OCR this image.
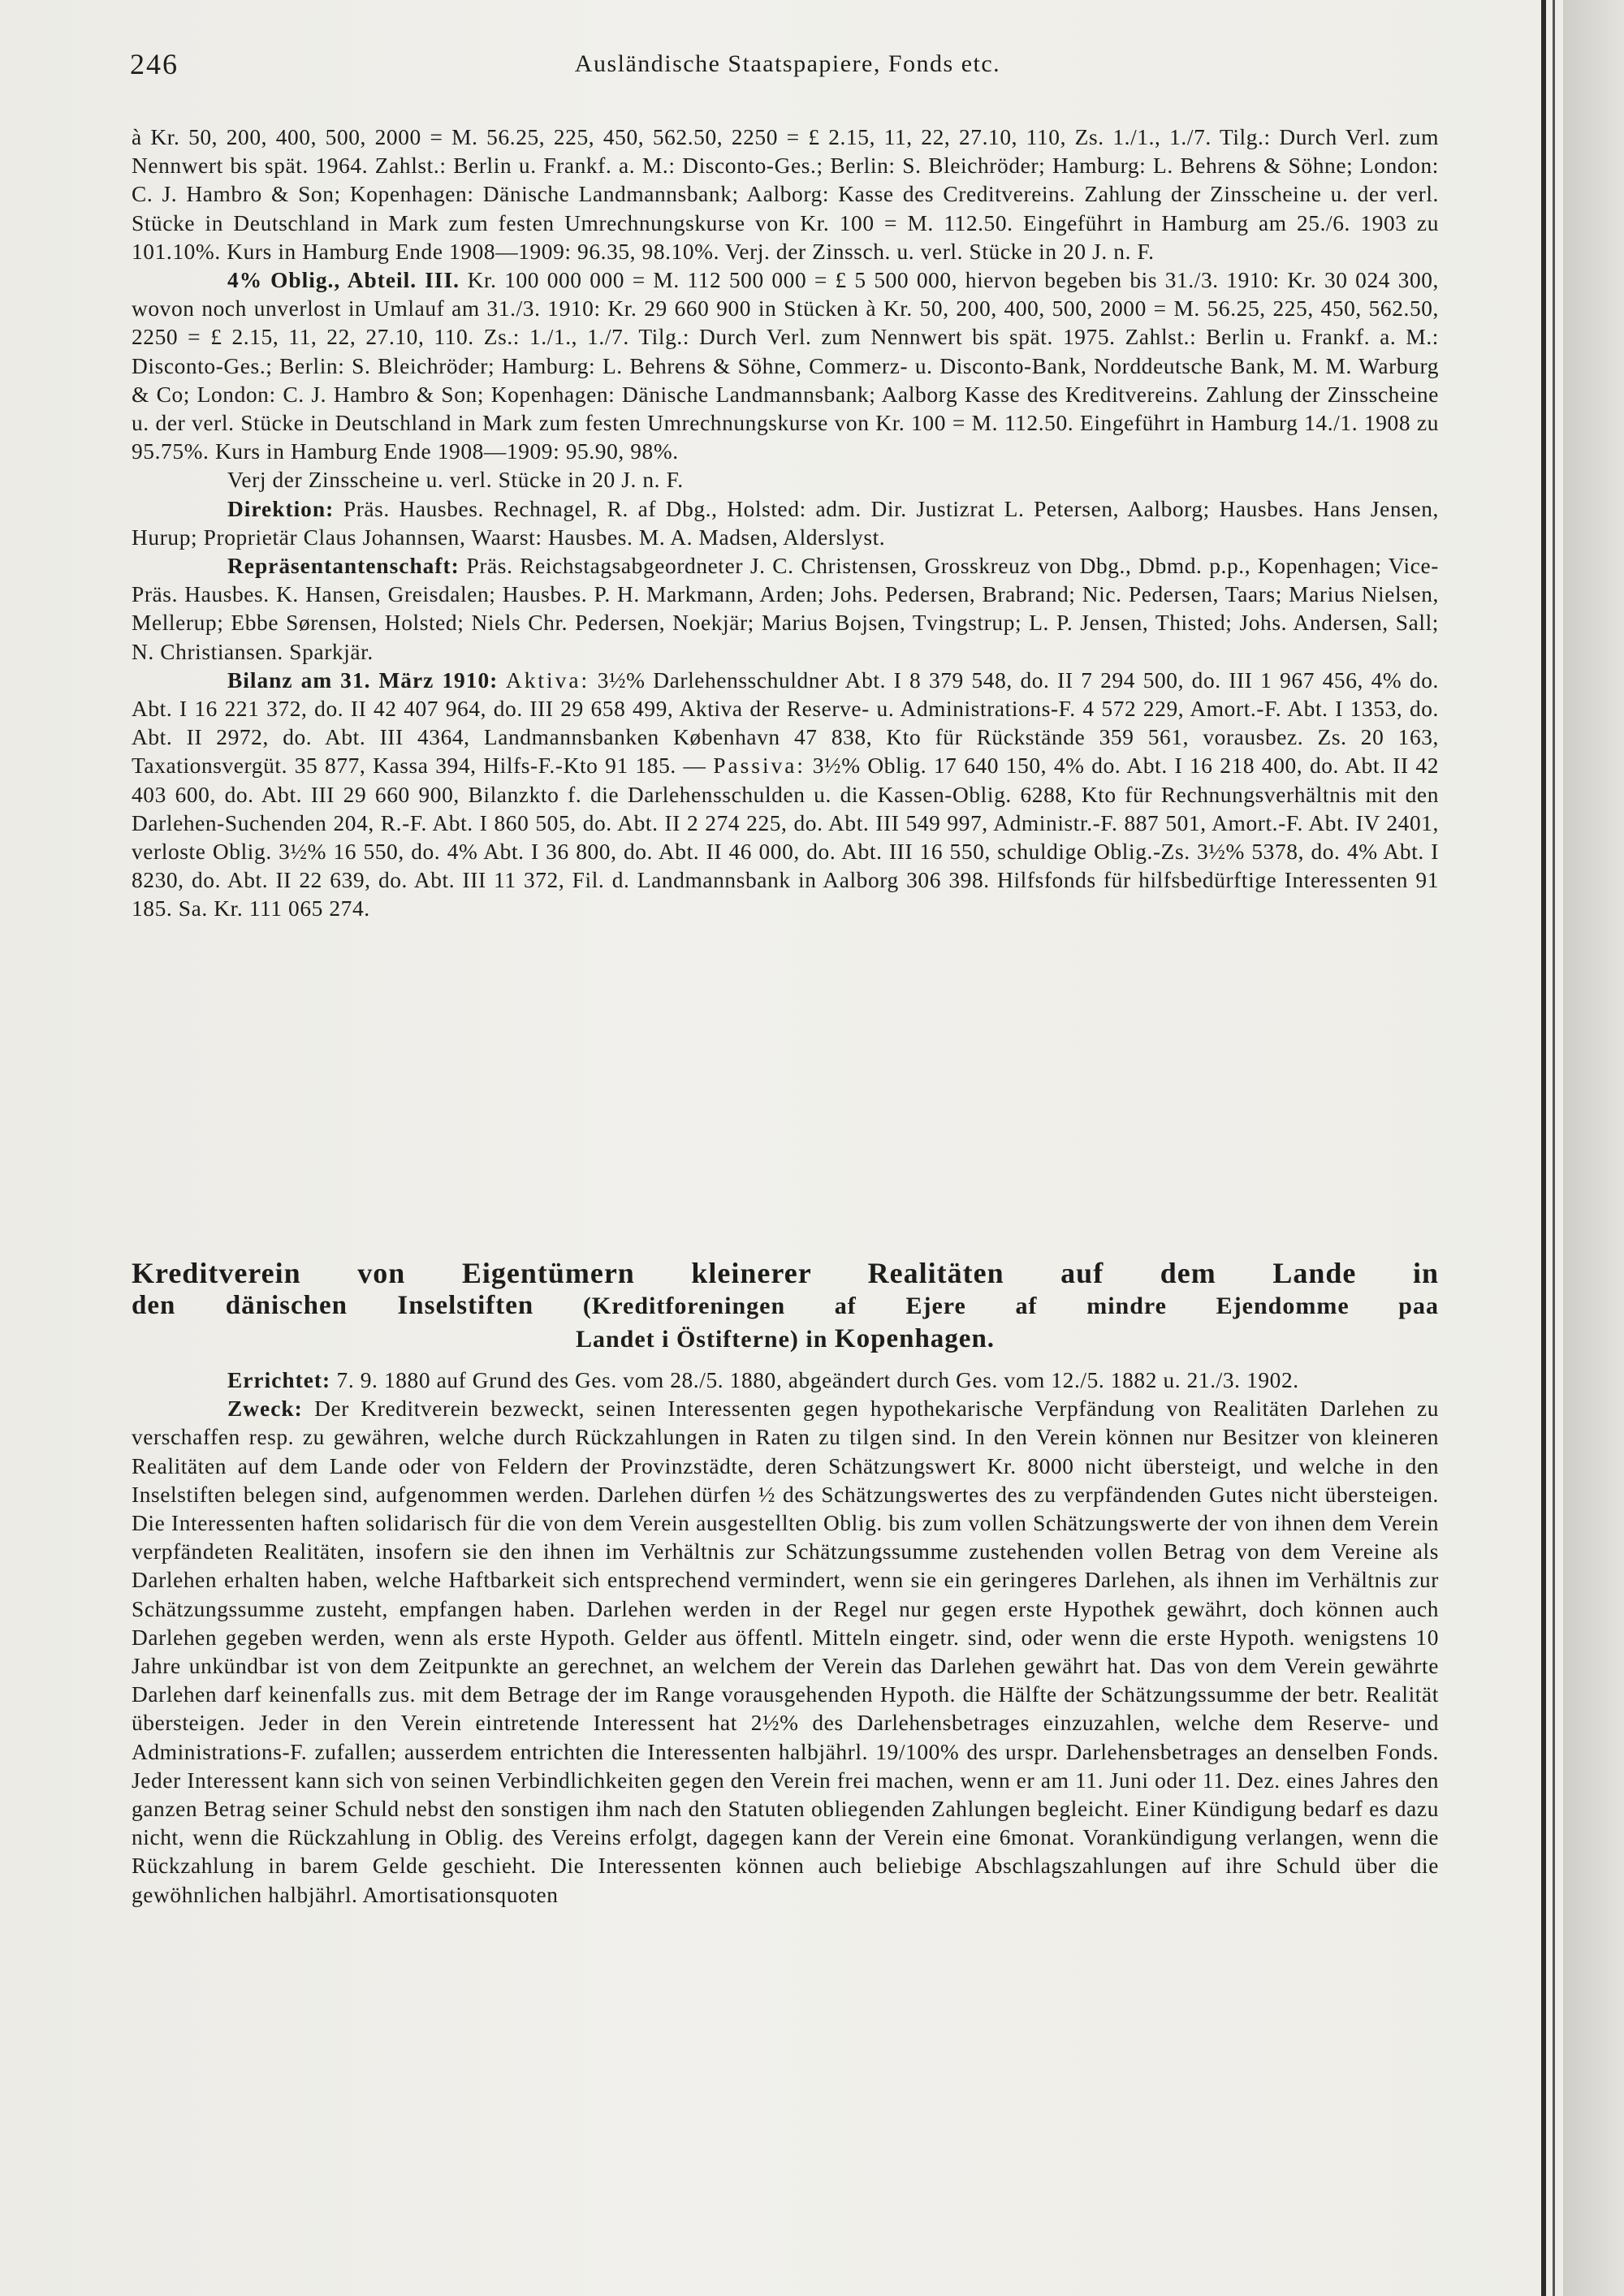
246	Ausländische Staatspapiere, Fonds etc.

à Kr. 50, 200, 400, 500, 2000 = M. 56.25, 225, 450, 562.50, 2250 = £ 2.15, 11, 22, 27.10, 110, Zs. 1./1., 1./7. Tilg.: Durch Verl. zum Nennwert bis spät. 1964. Zahlst.: Berlin u. Frankf. a. M.: Disconto-Ges.; Berlin: S. Bleichröder; Hamburg: L. Behrens & Söhne; London: C. J. Hambro & Son; Kopenhagen: Dänische Landmannsbank; Aalborg: Kasse des Creditvereins. Zahlung der Zinsscheine u. der verl. Stücke in Deutschland in Mark zum festen Umrechnungskurse von Kr. 100 = M. 112.50. Eingeführt in Hamburg am 25./6. 1903 zu 101.10%. Kurs in Hamburg Ende 1908—1909: 96.35, 98.10%. Verj. der Zinssch. u. verl. Stücke in 20 J. n. F.

4% Oblig., Abteil. III. Kr. 100 000 000 = M. 112 500 000 = £ 5 500 000, hiervon begeben bis 31./3. 1910: Kr. 30 024 300, wovon noch unverlost in Umlauf am 31./3. 1910: Kr. 29 660 900 in Stücken à Kr. 50, 200, 400, 500, 2000 = M. 56.25, 225, 450, 562.50, 2250 = £ 2.15, 11, 22, 27.10, 110. Zs.: 1./1., 1./7. Tilg.: Durch Verl. zum Nennwert bis spät. 1975. Zahlst.: Berlin u. Frankf. a. M.: Disconto-Ges.; Berlin: S. Bleichröder; Hamburg: L. Behrens & Söhne, Commerz- u. Disconto-Bank, Norddeutsche Bank, M. M. Warburg & Co; London: C. J. Hambro & Son; Kopenhagen: Dänische Landmannsbank; Aalborg Kasse des Kreditvereins. Zahlung der Zinsscheine u. der verl. Stücke in Deutschland in Mark zum festen Umrechnungskurse von Kr. 100 = M. 112.50. Eingeführt in Hamburg 14./1. 1908 zu 95.75%. Kurs in Hamburg Ende 1908—1909: 95.90, 98%.

Verj der Zinsscheine u. verl. Stücke in 20 J. n. F.

Direktion: Präs. Hausbes. Rechnagel, R. af Dbg., Holsted: adm. Dir. Justizrat L. Petersen, Aalborg; Hausbes. Hans Jensen, Hurup; Proprietär Claus Johannsen, Waarst: Hausbes. M. A. Madsen, Alderslyst.

Repräsentantenschaft: Präs. Reichstagsabgeordneter J. C. Christensen, Grosskreuz von Dbg., Dbmd. p.p., Kopenhagen; Vice-Präs. Hausbes. K. Hansen, Greisdalen; Hausbes. P. H. Markmann, Arden; Johs. Pedersen, Brabrand; Nic. Pedersen, Taars; Marius Nielsen, Mellerup; Ebbe Sørensen, Holsted; Niels Chr. Pedersen, Noekjär; Marius Bojsen, Tvingstrup; L. P. Jensen, Thisted; Johs. Andersen, Sall; N. Christiansen. Sparkjär.

Bilanz am 31. März 1910: Aktiva: 3½% Darlehensschuldner Abt. I 8 379 548, do. II 7 294 500, do. III 1 967 456, 4% do. Abt. I 16 221 372, do. II 42 407 964, do. III 29 658 499, Aktiva der Reserve- u. Administrations-F. 4 572 229, Amort.-F. Abt. I 1353, do. Abt. II 2972, do. Abt. III 4364, Landmannsbanken København 47 838, Kto für Rückstände 359 561, vorausbez. Zs. 20 163, Taxationsvergüt. 35 877, Kassa 394, Hilfs-F.-Kto 91 185. — Passiva: 3½% Oblig. 17 640 150, 4% do. Abt. I 16 218 400, do. Abt. II 42 403 600, do. Abt. III 29 660 900, Bilanzkto f. die Darlehensschulden u. die Kassen-Oblig. 6288, Kto für Rechnungsverhältnis mit den Darlehen-Suchenden 204, R.-F. Abt. I 860 505, do. Abt. II 2 274 225, do. Abt. III 549 997, Administr.-F. 887 501, Amort.-F. Abt. IV 2401, verloste Oblig. 3½% 16 550, do. 4% Abt. I 36 800, do. Abt. II 46 000, do. Abt. III 16 550, schuldige Oblig.-Zs. 3½% 5378, do. 4% Abt. I 8230, do. Abt. II 22 639, do. Abt. III 11 372, Fil. d. Landmannsbank in Aalborg 306 398. Hilfsfonds für hilfsbedürftige Interessenten 91 185. Sa. Kr. 111 065 274.

Kreditverein von Eigentümern kleinerer Realitäten auf dem Lande in
den dänischen Inselstiften (Kreditforeningen af Ejere af mindre Ejendomme paa
Landet i Östifterne) in Kopenhagen.

Errichtet: 7. 9. 1880 auf Grund des Ges. vom 28./5. 1880, abgeändert durch Ges. vom 12./5. 1882 u. 21./3. 1902.

Zweck: Der Kreditverein bezweckt, seinen Interessenten gegen hypothekarische Verpfändung von Realitäten Darlehen zu verschaffen resp. zu gewähren, welche durch Rückzahlungen in Raten zu tilgen sind. In den Verein können nur Besitzer von kleineren Realitäten auf dem Lande oder von Feldern der Provinzstädte, deren Schätzungswert Kr. 8000 nicht übersteigt, und welche in den Inselstiften belegen sind, aufgenommen werden. Darlehen dürfen ½ des Schätzungswertes des zu verpfändenden Gutes nicht übersteigen. Die Interessenten haften solidarisch für die von dem Verein ausgestellten Oblig. bis zum vollen Schätzungswerte der von ihnen dem Verein verpfändeten Realitäten, insofern sie den ihnen im Verhältnis zur Schätzungssumme zustehenden vollen Betrag von dem Vereine als Darlehen erhalten haben, welche Haftbarkeit sich entsprechend vermindert, wenn sie ein geringeres Darlehen, als ihnen im Verhältnis zur Schätzungssumme zusteht, empfangen haben. Darlehen werden in der Regel nur gegen erste Hypothek gewährt, doch können auch Darlehen gegeben werden, wenn als erste Hypoth. Gelder aus öffentl. Mitteln eingetr. sind, oder wenn die erste Hypoth. wenigstens 10 Jahre unkündbar ist von dem Zeitpunkte an gerechnet, an welchem der Verein das Darlehen gewährt hat. Das von dem Verein gewährte Darlehen darf keinenfalls zus. mit dem Betrage der im Range vorausgehenden Hypoth. die Hälfte der Schätzungssumme der betr. Realität übersteigen. Jeder in den Verein eintretende Interessent hat 2½% des Darlehensbetrages einzuzahlen, welche dem Reserve- und Administrations-F. zufallen; ausserdem entrichten die Interessenten halbjährl. 19/100% des urspr. Darlehensbetrages an denselben Fonds. Jeder Interessent kann sich von seinen Verbindlichkeiten gegen den Verein frei machen, wenn er am 11. Juni oder 11. Dez. eines Jahres den ganzen Betrag seiner Schuld nebst den sonstigen ihm nach den Statuten obliegenden Zahlungen begleicht. Einer Kündigung bedarf es dazu nicht, wenn die Rückzahlung in Oblig. des Vereins erfolgt, dagegen kann der Verein eine 6monat. Vorankündigung verlangen, wenn die Rückzahlung in barem Gelde geschieht. Die Interessenten können auch beliebige Abschlagszahlungen auf ihre Schuld über die gewöhnlichen halbjährl. Amortisationsquoten
